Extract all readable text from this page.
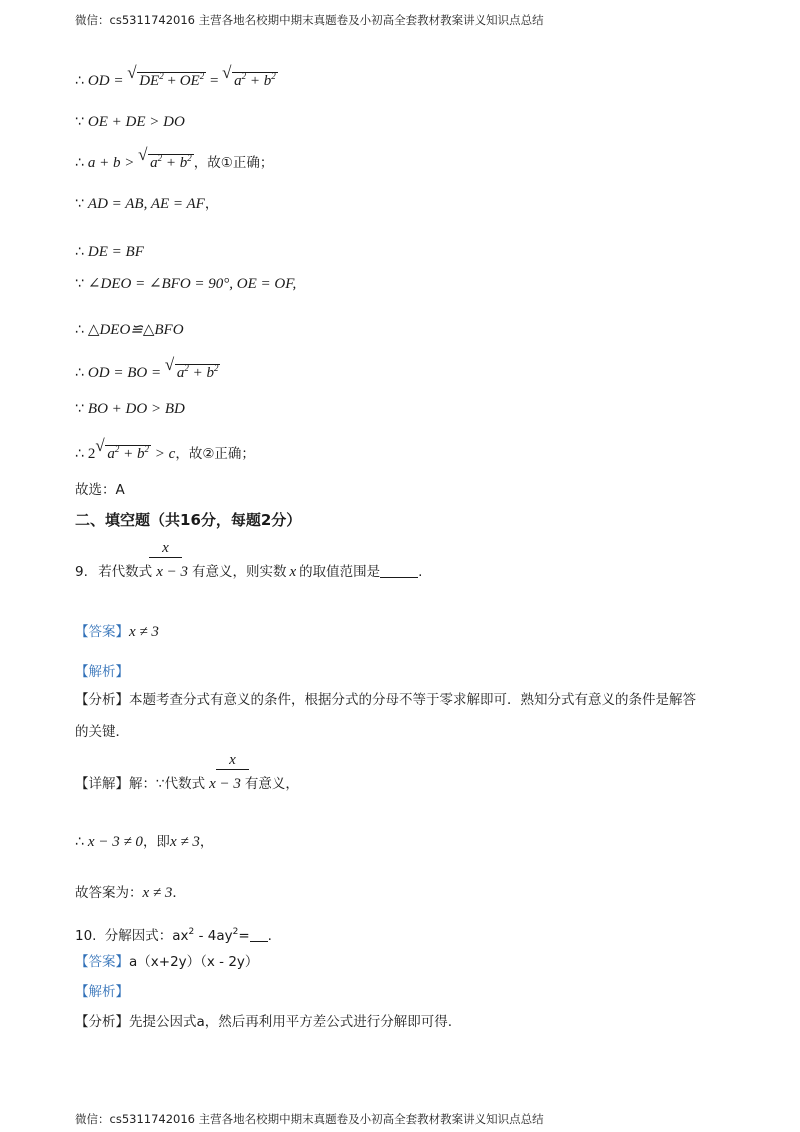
微信：cs5311742016 主营各地名校期中期末真题卷及小初高全套教材教案讲义知识点总结
∴ OD = √ $DE^2 + OE^2$ = √ $a^2 + b^2$
∵ OE + DE > DO
∴ a + b > √ $a^2 + b^2$ ，故①正确；
∵ AD = AB, AE = AF，
∴ DE = BF
∵ ∠DEO = ∠BFO = 90°, OE = OF,
∴ △DEO≌△BFO
∴ OD = BO = √ $a^2 + b^2$
∵ BO + DO > BD
∴ 2 √ $a^2 + b^2 > c$，故②正确；
故选：A
二、填空题（共16分，每题2分）
x
9. 若代数式 x − 3 有意义，则实数 x 的取值范围是	.
【答案】x ≠ 3
【解析】
【分析】本题考查分式有意义的条件，根据分式的分母不等于零求解即可．熟知分式有意义的条件是解答
的关键．
x
【详解】解：∵代数式 x − 3 有意义，
∴ x − 3 ≠ 0，即x ≠ 3，
故答案为：x ≠ 3．
10. 分解因式：$ax^2 - 4ay^2=$ .
【答案】a（x+2y）（x - 2y）
【解析】
【分析】先提公因式a，然后再利用平方差公式进行分解即可得.
微信：cs5311742016 主营各地名校期中期末真题卷及小初高全套教材教案讲义知识点总结
